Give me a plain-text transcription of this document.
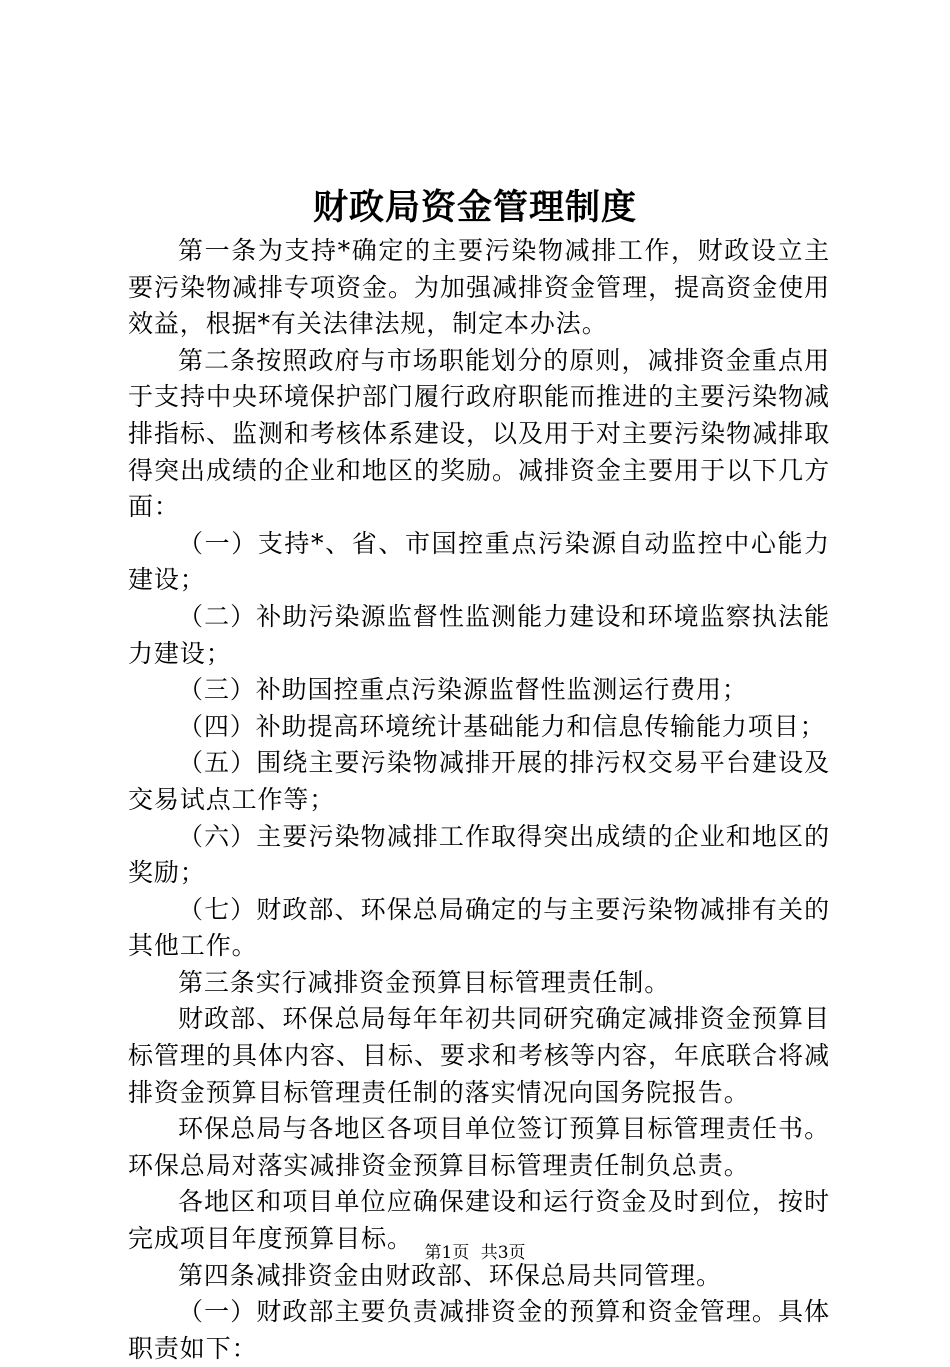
财政局资金管理制度

第一条为支持*确定的主要污染物减排工作，财政设立主要污染物减排专项资金。为加强减排资金管理，提高资金使用效益，根据*有关法律法规，制定本办法。

第二条按照政府与市场职能划分的原则，减排资金重点用于支持中央环境保护部门履行政府职能而推进的主要污染物减排指标、监测和考核体系建设，以及用于对主要污染物减排取得突出成绩的企业和地区的奖励。减排资金主要用于以下几方面：

（一）支持*、省、市国控重点污染源自动监控中心能力建设；

（二）补助污染源监督性监测能力建设和环境监察执法能力建设；

（三）补助国控重点污染源监督性监测运行费用；

（四）补助提高环境统计基础能力和信息传输能力项目；

（五）围绕主要污染物减排开展的排污权交易平台建设及交易试点工作等；

（六）主要污染物减排工作取得突出成绩的企业和地区的奖励；

（七）财政部、环保总局确定的与主要污染物减排有关的其他工作。

第三条实行减排资金预算目标管理责任制。

财政部、环保总局每年年初共同研究确定减排资金预算目标管理的具体内容、目标、要求和考核等内容，年底联合将减排资金预算目标管理责任制的落实情况向国务院报告。

环保总局与各地区各项目单位签订预算目标管理责任书。环保总局对落实减排资金预算目标管理责任制负总责。

各地区和项目单位应确保建设和运行资金及时到位，按时完成项目年度预算目标。

第四条减排资金由财政部、环保总局共同管理。

（一）财政部主要负责减排资金的预算和资金管理。具体职责如下：

第1页 共3页
